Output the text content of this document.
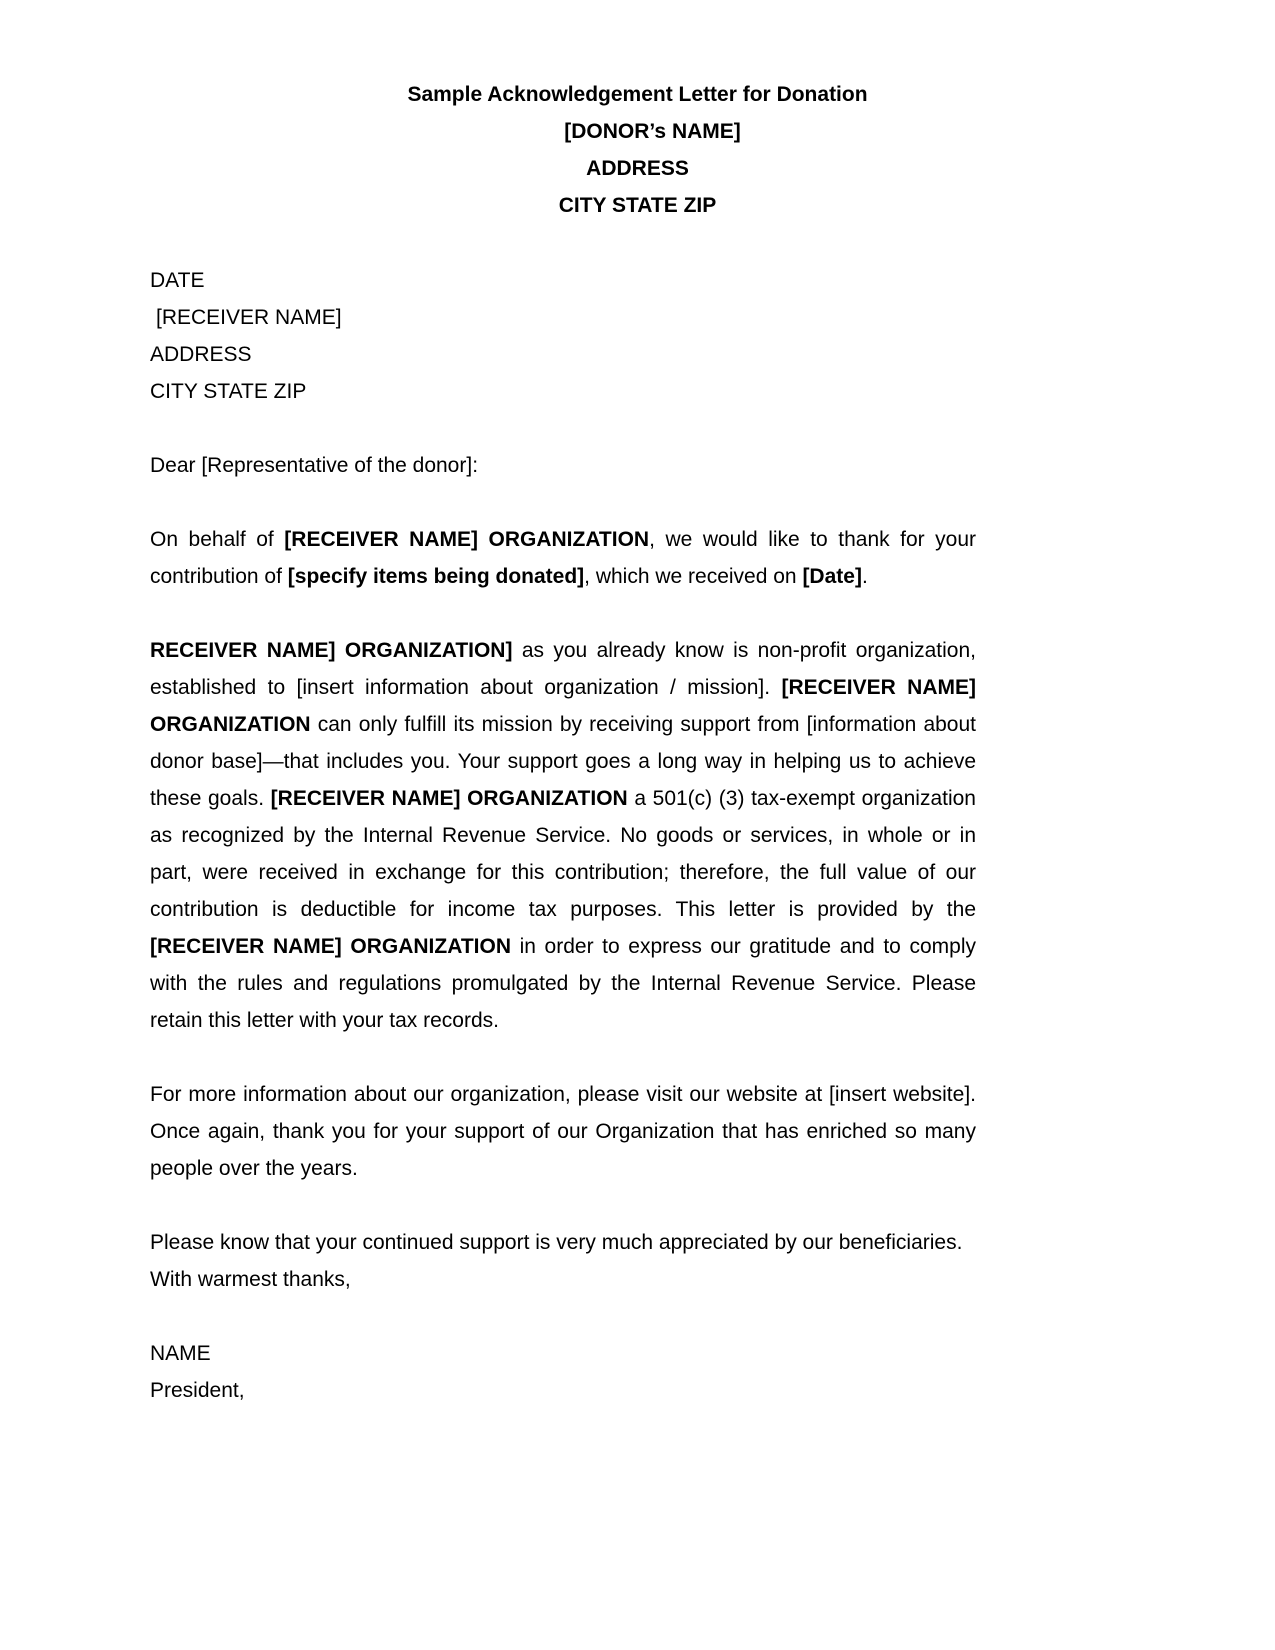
Sample Acknowledgement Letter for Donation
[DONOR’s NAME]
ADDRESS
CITY STATE ZIP
DATE
[RECEIVER NAME]
ADDRESS
CITY STATE ZIP
Dear [Representative of the donor]:

On behalf of [RECEIVER NAME] ORGANIZATION, we would like to thank for your contribution of [specify items being donated], which we received on [Date].

RECEIVER NAME] ORGANIZATION] as you already know is non-profit organization, established to [insert information about organization / mission]. [RECEIVER NAME] ORGANIZATION can only fulfill its mission by receiving support from [information about donor base]—that includes you. Your support goes a long way in helping us to achieve these goals. [RECEIVER NAME] ORGANIZATION a 501(c) (3) tax-exempt organization as recognized by the Internal Revenue Service. No goods or services, in whole or in part, were received in exchange for this contribution; therefore, the full value of our contribution is deductible for income tax purposes. This letter is provided by the [RECEIVER NAME] ORGANIZATION in order to express our gratitude and to comply with the rules and regulations promulgated by the Internal Revenue Service. Please retain this letter with your tax records.

For more information about our organization, please visit our website at [insert website]. Once again, thank you for your support of our Organization that has enriched so many people over the years.

Please know that your continued support is very much appreciated by our beneficiaries.

With warmest thanks,
NAME
President,
